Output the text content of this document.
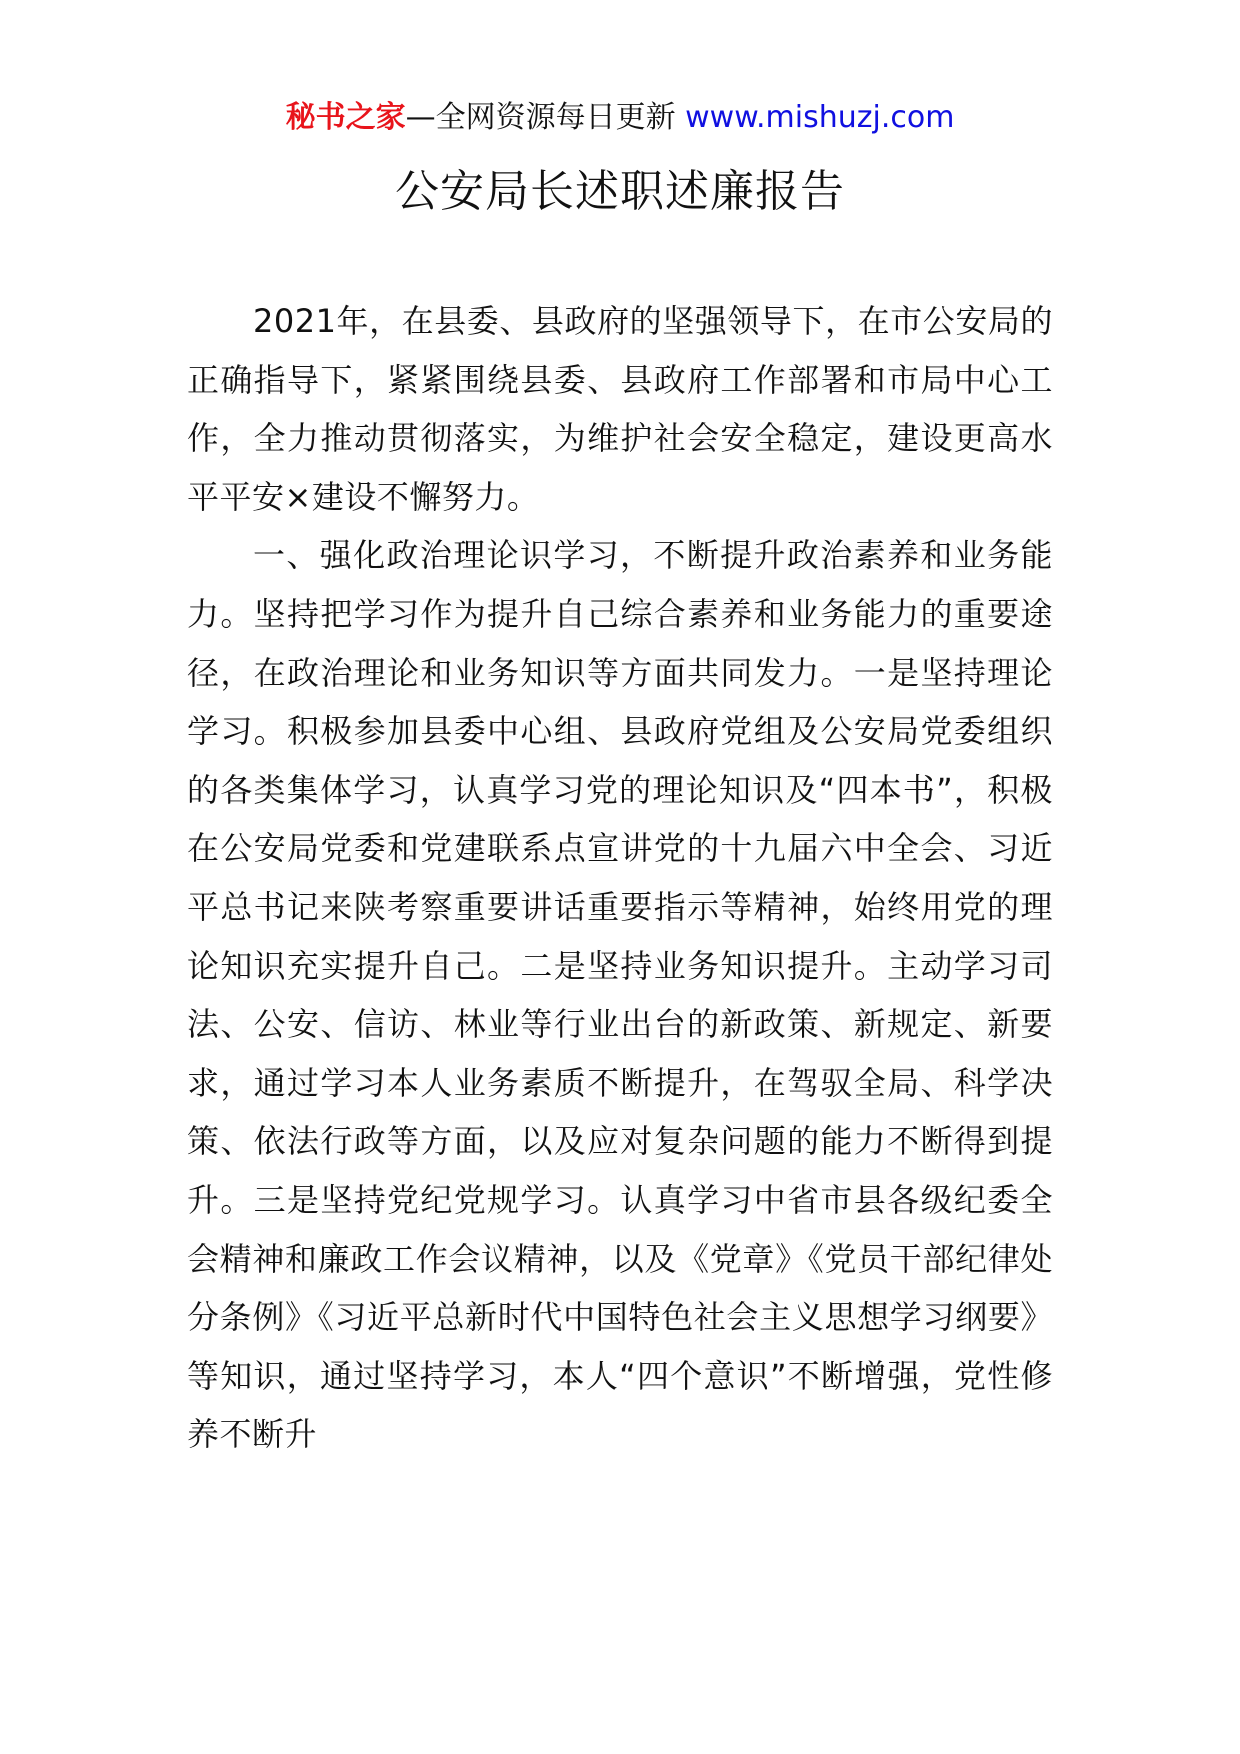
秘书之家—全网资源每日更新 www.mishuzj.com
公安局长述职述廉报告

2021年，在县委、县政府的坚强领导下，在市公安局的正确指导下，紧紧围绕县委、县政府工作部署和市局中心工作，全力推动贯彻落实，为维护社会安全稳定，建设更高水平平安×建设不懈努力。

一、强化政治理论识学习，不断提升政治素养和业务能力。坚持把学习作为提升自己综合素养和业务能力的重要途径，在政治理论和业务知识等方面共同发力。一是坚持理论学习。积极参加县委中心组、县政府党组及公安局党委组织的各类集体学习，认真学习党的理论知识及“四本书”，积极在公安局党委和党建联系点宣讲党的十九届六中全会、习近平总书记来陕考察重要讲话重要指示等精神，始终用党的理论知识充实提升自己。二是坚持业务知识提升。主动学习司法、公安、信访、林业等行业出台的新政策、新规定、新要求，通过学习本人业务素质不断提升，在驾驭全局、科学决策、依法行政等方面，以及应对复杂问题的能力不断得到提升。三是坚持党纪党规学习。认真学习中省市县各级纪委全会精神和廉政工作会议精神，以及《党章》《党员干部纪律处分条例》《习近平总新时代中国特色社会主义思想学习纲要》等知识，通过坚持学习，本人“四个意识”不断增强，党性修养不断升
